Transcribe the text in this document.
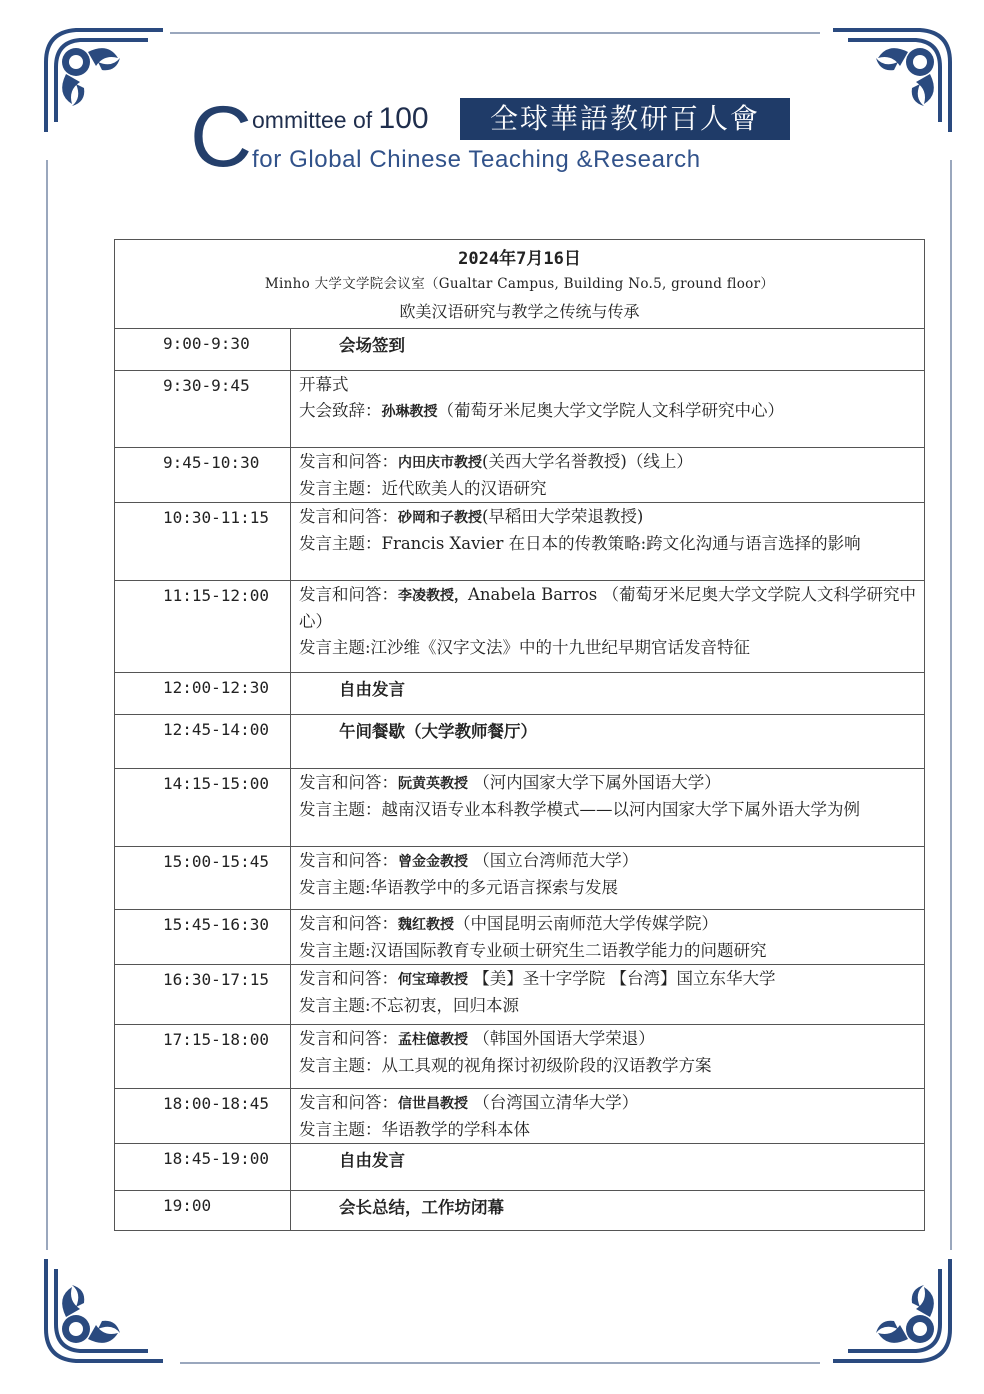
C ommittee of 100	全球華語教研百人會
for Global Chinese Teaching &Research
2024年7月16日
Minho 大学文学院会议室（Gualtar Campus, Building No.5, ground floor）
欧美汉语研究与教学之传统与传承	

9:00-9:30	会场签到
9:30-9:45	开幕式
大会致辞：孙琳教授（葡萄牙米尼奥大学文学院人文科学研究中心）

9:45-10:30	发言和问答：内田庆市教授(关西大学名誉教授)（线上）
发言主题：近代欧美人的汉语研究

10:30-11:15	发言和问答：砂岡和子教授(早稻田大学荣退教授)
发言主题：Francis Xavier 在日本的传教策略:跨文化沟通与语言选择的影响

11:15-12:00	发言和问答：李凌教授，Anabela Barros （葡萄牙米尼奥大学文学院人文科学研究中心）
发言主题:江沙维《汉字文法》中的十九世纪早期官话发音特征

12:00-12:30	自由发言
12:45-14:00	午间餐歇（大学教师餐厅）
14:15-15:00	发言和问答：阮黄英教授 （河内国家大学下属外国语大学）
发言主题：越南汉语专业本科教学模式——以河内国家大学下属外语大学为例

15:00-15:45	发言和问答：曾金金教授 （国立台湾师范大学）
发言主题:华语教学中的多元语言探索与发展

15:45-16:30	发言和问答：魏红教授（中国昆明云南师范大学传媒学院）
发言主题:汉语国际教育专业硕士研究生二语教学能力的问题研究

16:30-17:15	发言和问答：何宝璋教授 【美】圣十字学院 【台湾】国立东华大学
发言主题:不忘初衷，回归本源

17:15-18:00	发言和问答：孟柱億教授 （韩国外国语大学荣退）
发言主题：从工具观的视角探讨初级阶段的汉语教学方案

18:00-18:45	发言和问答：信世昌教授 （台湾国立清华大学）
发言主题：华语教学的学科本体

18:45-19:00	自由发言
19:00	会长总结，工作坊闭幕
